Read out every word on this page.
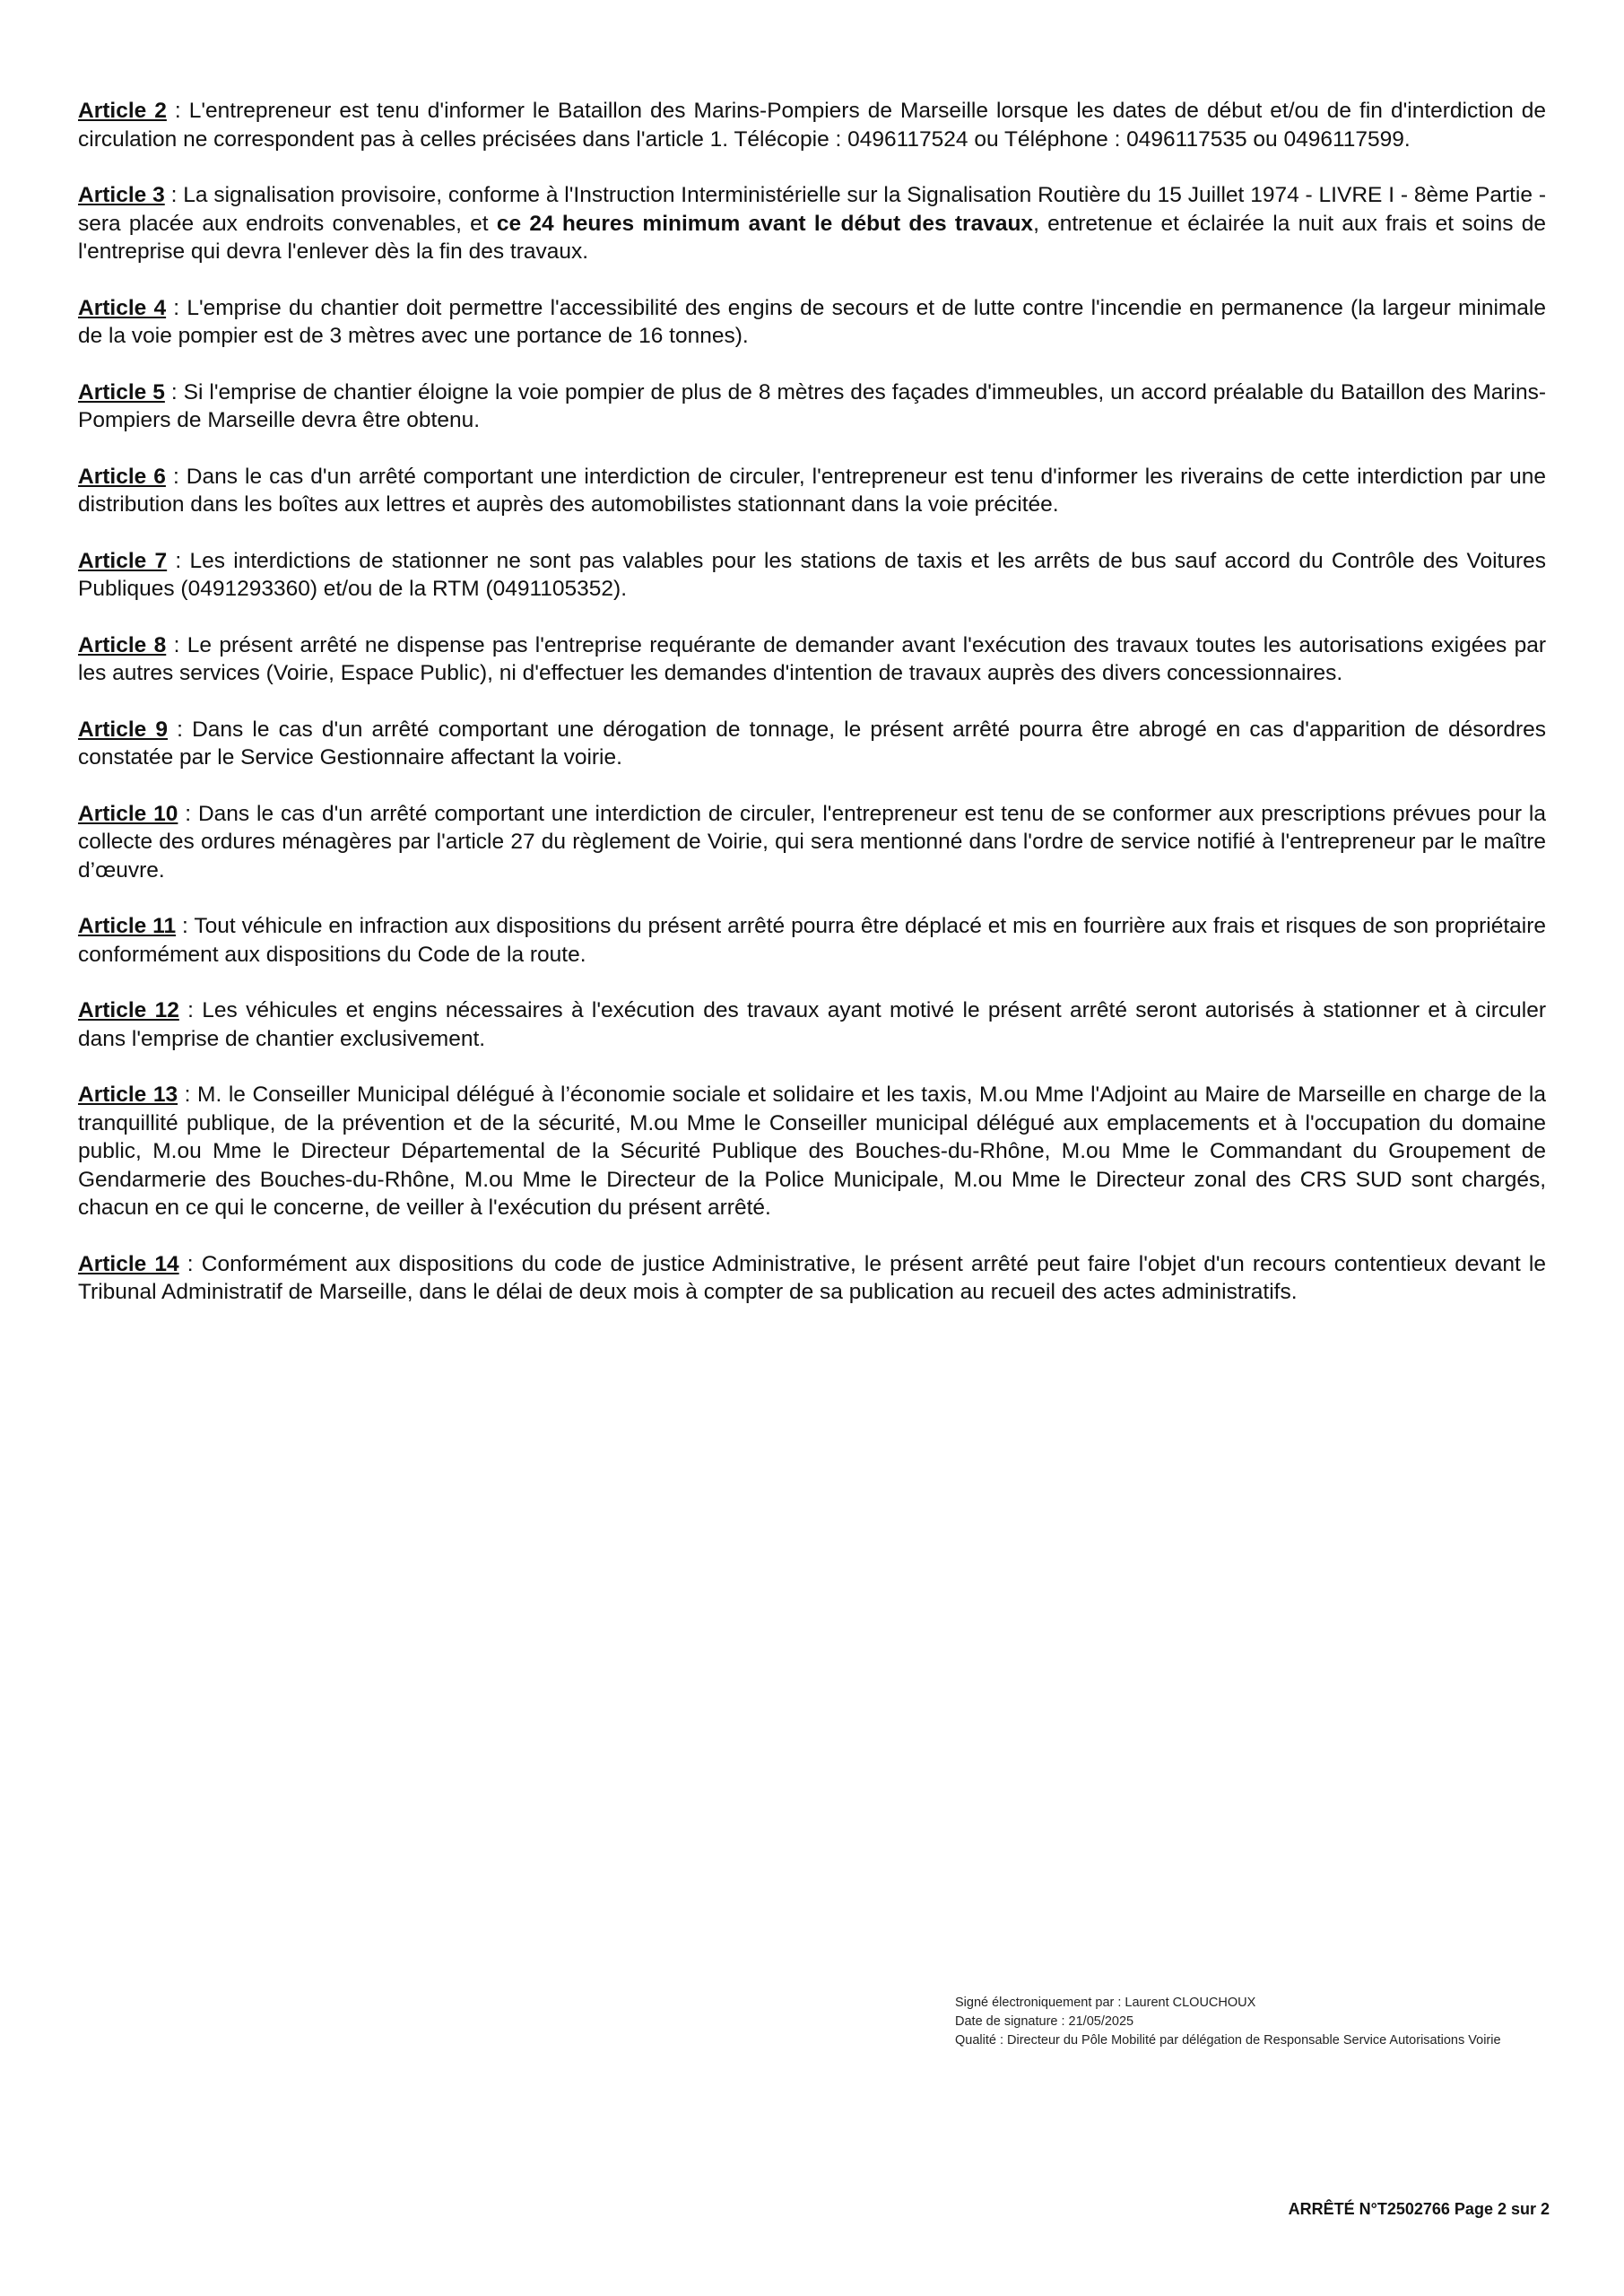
Article 2 : L'entrepreneur est tenu d'informer le Bataillon des Marins-Pompiers de Marseille lorsque les dates de début et/ou de fin d'interdiction de circulation ne correspondent pas à celles précisées dans l'article 1. Télécopie : 0496117524 ou Téléphone : 0496117535 ou 0496117599.

Article 3 : La signalisation provisoire, conforme à l'Instruction Interministérielle sur la Signalisation Routière du 15 Juillet 1974 - LIVRE I - 8ème Partie - sera placée aux endroits convenables, et ce 24 heures minimum avant le début des travaux, entretenue et éclairée la nuit aux frais et soins de l'entreprise qui devra l'enlever dès la fin des travaux.

Article 4 : L'emprise du chantier doit permettre l'accessibilité des engins de secours et de lutte contre l'incendie en permanence (la largeur minimale de la voie pompier est de 3 mètres avec une portance de 16 tonnes).

Article 5 : Si l'emprise de chantier éloigne la voie pompier de plus de 8 mètres des façades d'immeubles, un accord préalable du Bataillon des Marins-Pompiers de Marseille devra être obtenu.

Article 6 : Dans le cas d'un arrêté comportant une interdiction de circuler, l'entrepreneur est tenu d'informer les riverains de cette interdiction par une distribution dans les boîtes aux lettres et auprès des automobilistes stationnant dans la voie précitée.

Article 7 : Les interdictions de stationner ne sont pas valables pour les stations de taxis et les arrêts de bus sauf accord du Contrôle des Voitures Publiques (0491293360) et/ou de la RTM (0491105352).

Article 8 : Le présent arrêté ne dispense pas l'entreprise requérante de demander avant l'exécution des travaux toutes les autorisations exigées par les autres services (Voirie, Espace Public), ni d'effectuer les demandes d'intention de travaux auprès des divers concessionnaires.

Article 9 : Dans le cas d'un arrêté comportant une dérogation de tonnage, le présent arrêté pourra être abrogé en cas d'apparition de désordres constatée par le Service Gestionnaire affectant la voirie.

Article 10 : Dans le cas d'un arrêté comportant une interdiction de circuler, l'entrepreneur est tenu de se conformer aux prescriptions prévues pour la collecte des ordures ménagères par l'article 27 du règlement de Voirie, qui sera mentionné dans l'ordre de service notifié à l'entrepreneur par le maître d’œuvre.

Article 11 : Tout véhicule en infraction aux dispositions du présent arrêté pourra être déplacé et mis en fourrière aux frais et risques de son propriétaire conformément aux dispositions du Code de la route.

Article 12 : Les véhicules et engins nécessaires à l'exécution des travaux ayant motivé le présent arrêté seront autorisés à stationner et à circuler dans l'emprise de chantier exclusivement.

Article 13 : M. le Conseiller Municipal délégué à l’économie sociale et solidaire et les taxis, M.ou Mme l'Adjoint au Maire de Marseille en charge de la tranquillité publique, de la prévention et de la sécurité, M.ou Mme le Conseiller municipal délégué aux emplacements et à l'occupation du domaine public, M.ou Mme le Directeur Départemental de la Sécurité Publique des Bouches-du-Rhône, M.ou Mme le Commandant du Groupement de Gendarmerie des Bouches-du-Rhône, M.ou Mme le Directeur de la Police Municipale, M.ou Mme le Directeur zonal des CRS SUD sont chargés, chacun en ce qui le concerne, de veiller à l'exécution du présent arrêté.

Article 14 : Conformément aux dispositions du code de justice Administrative, le présent arrêté peut faire l'objet d'un recours contentieux devant le Tribunal Administratif de Marseille, dans le délai de deux mois à compter de sa publication au recueil des actes administratifs.

Signé électroniquement par : Laurent CLOUCHOUX
Date de signature : 21/05/2025
Qualité : Directeur du Pôle Mobilité par délégation de Responsable Service Autorisations Voirie
ARRÊTÉ N°T2502766 Page 2 sur 2
